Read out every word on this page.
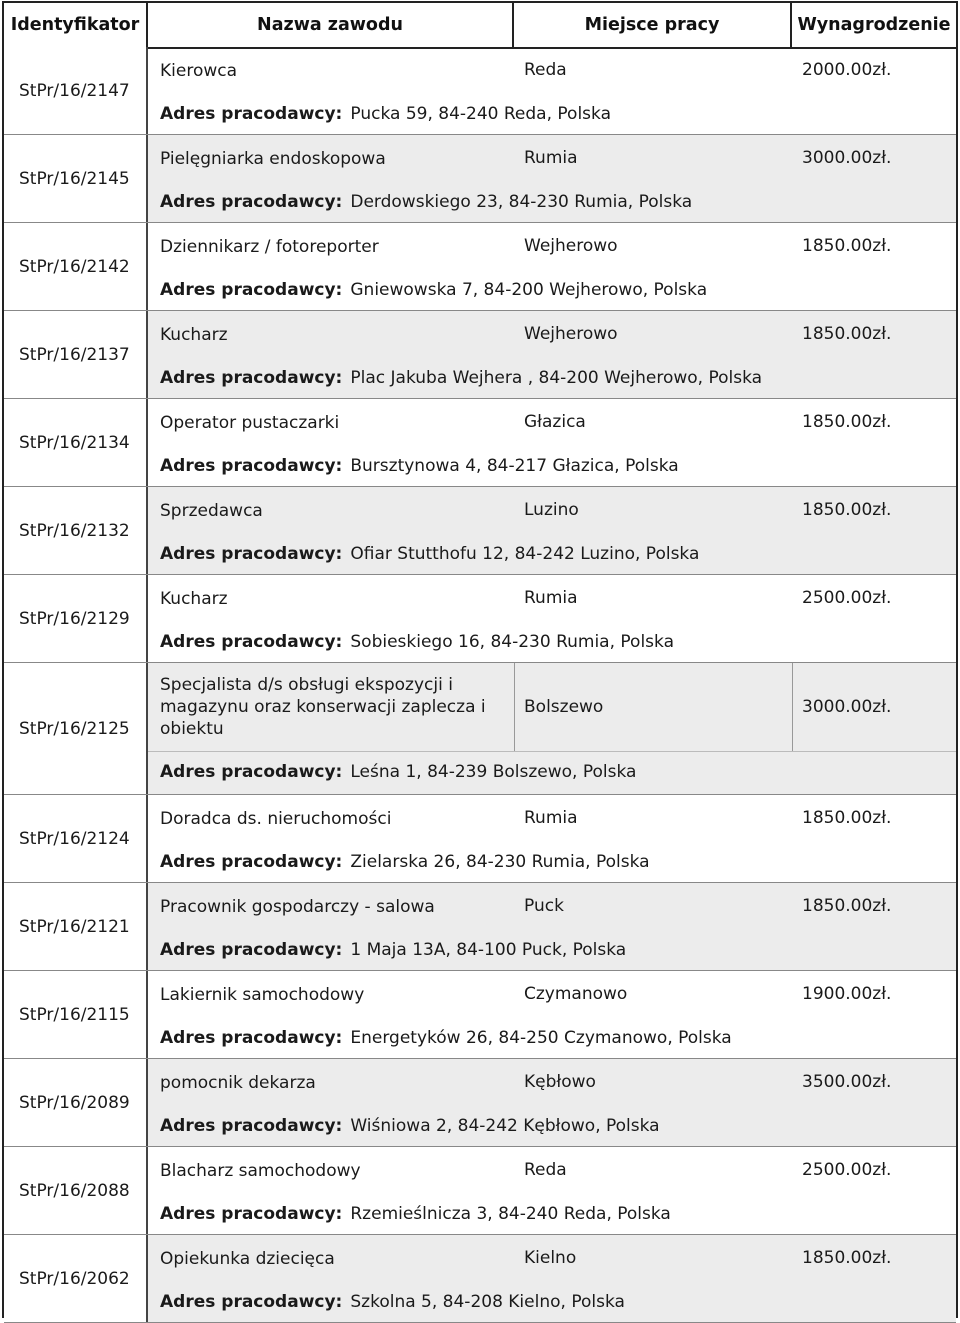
Identyfikator	Nazwa zawodu	Miejsce pracy	Wynagrodzenie
StPr/16/2147
Kierowca	Reda	2000.00zł.
Adres pracodawcy: Pucka 59, 84-240 Reda, Polska
StPr/16/2145
Pielęgniarka endoskopowa	Rumia	3000.00zł.
Adres pracodawcy: Derdowskiego 23, 84-230 Rumia, Polska
StPr/16/2142
Dziennikarz / fotoreporter	Wejherowo	1850.00zł.
Adres pracodawcy: Gniewowska 7, 84-200 Wejherowo, Polska
StPr/16/2137
Kucharz	Wejherowo	1850.00zł.
Adres pracodawcy: Plac Jakuba Wejhera , 84-200 Wejherowo, Polska
StPr/16/2134
Operator pustaczarki	Głazica	1850.00zł.
Adres pracodawcy: Bursztynowa 4, 84-217 Głazica, Polska
StPr/16/2132
Sprzedawca	Luzino	1850.00zł.
Adres pracodawcy: Ofiar Stutthofu 12, 84-242 Luzino, Polska
StPr/16/2129
Kucharz	Rumia	2500.00zł.
Adres pracodawcy: Sobieskiego 16, 84-230 Rumia, Polska
StPr/16/2125
Specjalista d/s obsługi ekspozycji i magazynu oraz konserwacji zaplecza i obiektu
Bolszewo	3000.00zł.
Adres pracodawcy: Leśna 1, 84-239 Bolszewo, Polska
StPr/16/2124
Doradca ds. nieruchomości	Rumia	1850.00zł.
Adres pracodawcy: Zielarska 26, 84-230 Rumia, Polska
StPr/16/2121
Pracownik gospodarczy - salowa	Puck	1850.00zł.
Adres pracodawcy: 1 Maja 13A, 84-100 Puck, Polska
StPr/16/2115
Lakiernik samochodowy	Czymanowo	1900.00zł.
Adres pracodawcy: Energetyków 26, 84-250 Czymanowo, Polska
StPr/16/2089
pomocnik dekarza	Kębłowo	3500.00zł.
Adres pracodawcy: Wiśniowa 2, 84-242 Kębłowo, Polska
StPr/16/2088
Blacharz samochodowy	Reda	2500.00zł.
Adres pracodawcy: Rzemieślnicza 3, 84-240 Reda, Polska
StPr/16/2062
Opiekunka dziecięca	Kielno	1850.00zł.
Adres pracodawcy: Szkolna 5, 84-208 Kielno, Polska
